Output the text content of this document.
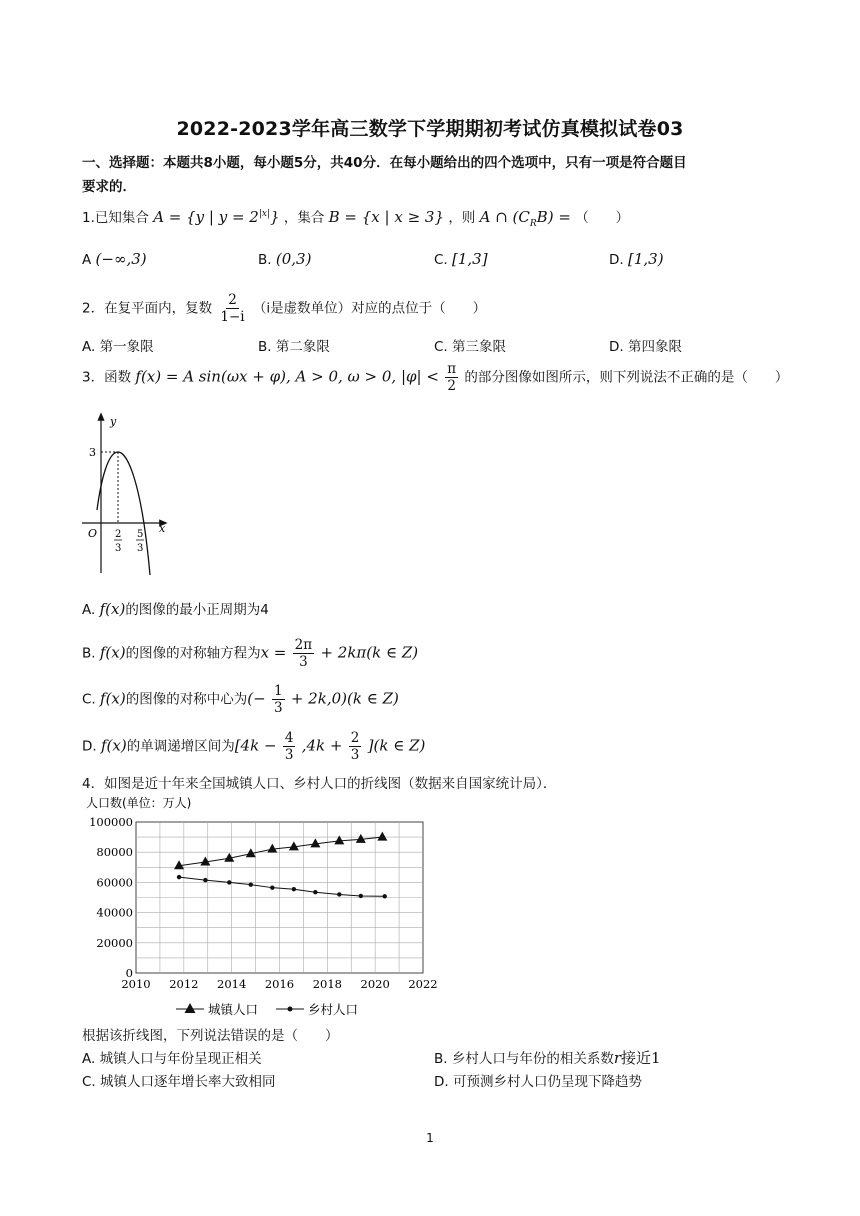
2022-2023学年高三数学下学期期初考试仿真模拟试卷03
一、选择题：本题共8小题，每小题5分，共40分．在每小题给出的四个选项中，只有一项是符合题目
要求的．
1.已知集合 A = {y | $y = 2^{|x|}$} ，集合 B = {x | x ≥ 3} ，则 A ∩ $(C_RB)$ = （　　）
A (−∞,3)	B. (0,3)	C. [1,3]	D. [1,3)
2．在复平面内，复数 $\frac{2}{1-i} (i$是虚数单位）对应的点位于（　　）
A. 第一象限	B. 第二象限	C. 第三象限	D. 第四象限
3．函数 f(x) = A sin(ωx + φ), A > 0, ω > 0, $|\varphi| < \frac{\pi}{2}$ 的部分图像如图所示，则下列说法不正确的是（　　）
y
x
O
3
2
3
5
3
A. f(x)的图像的最小正周期为4
B. f(x)的图像的对称轴方程为$x = \frac{2\pi}{3} + 2k\pi(k$ ∈ Z)
C. f(x)的图像的对称中心为(− $\frac{1}{3} + 2k,0)(k$ ∈ Z)
D. f(x)的单调递增区间为$[4k - \frac{4}{3} ,4k + \frac{2}{3} ](k$ ∈ Z)
4．如图是近十年来全国城镇人口、乡村人口的折线图（数据来自国家统计局）．
人口数(单位：万人)
0
20000
40000
60000
80000
100000
2010 2012 2014 2016 2018 2020 2022
城镇人口	乡村人口
根据该折线图，下列说法错误的是（　　）
A. 城镇人口与年份呈现正相关	B. 乡村人口与年份的相关系数r接近1
C. 城镇人口逐年增长率大致相同	D. 可预测乡村人口仍呈现下降趋势
1
